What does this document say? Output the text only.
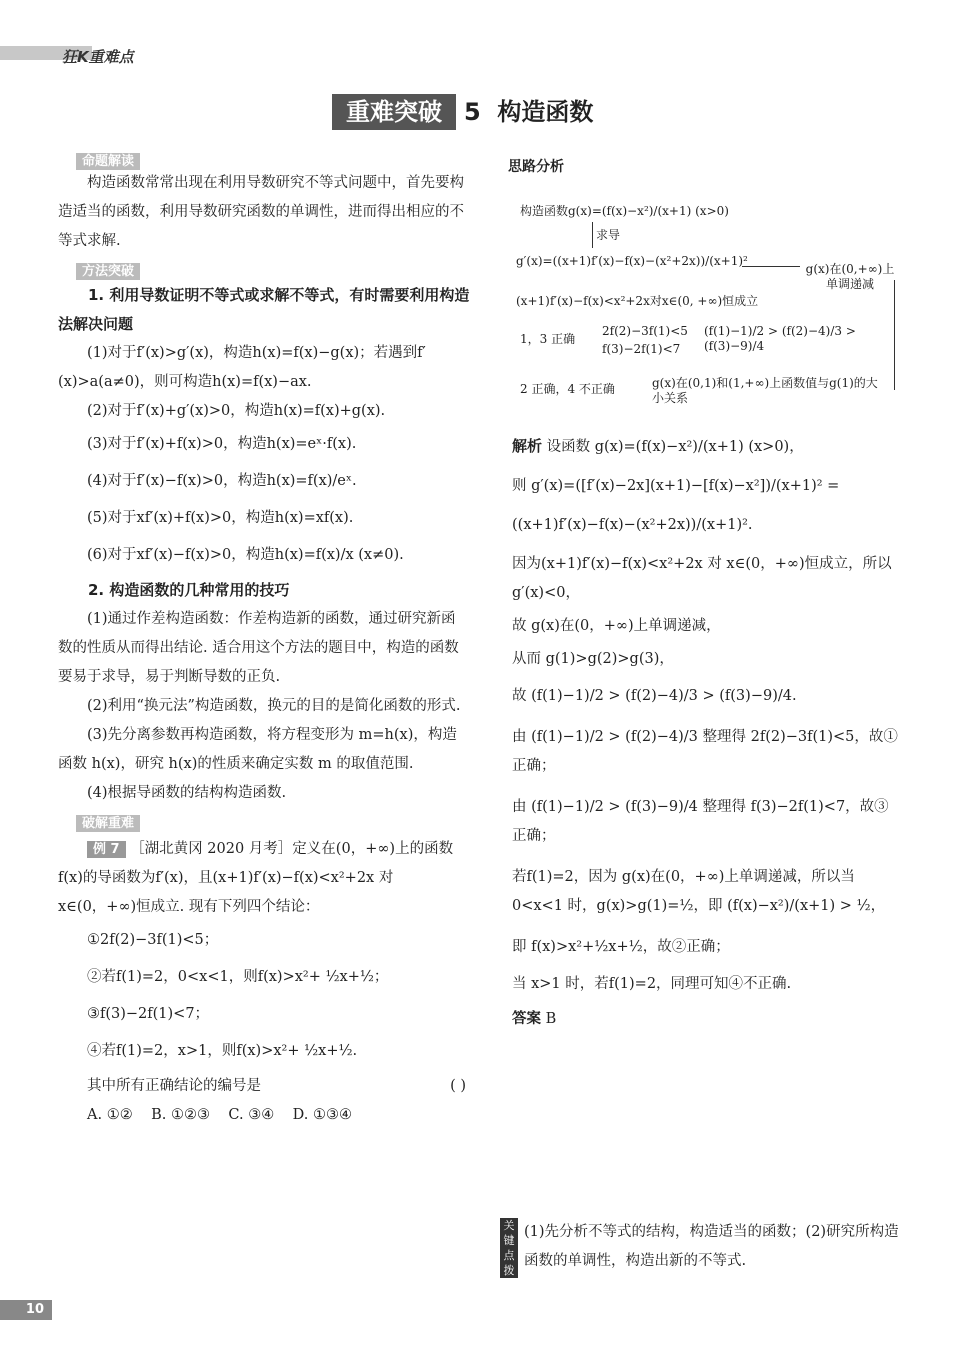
狂K重难点
重难突破 5 构造函数
命题解读
构造函数常常出现在利用导数研究不等式问题中，首先要构造适当的函数，利用导数研究函数的单调性，进而得出相应的不等式求解.
方法突破
1. 利用导数证明不等式或求解不等式，有时需要利用构造法解决问题
(1)对于f′(x)>g′(x)，构造h(x)=f(x)−g(x)；若遇到f′(x)>a(a≠0)，则可构造h(x)=f(x)−ax.
(2)对于f′(x)+g′(x)>0，构造h(x)=f(x)+g(x).
(3)对于f′(x)+f(x)>0，构造h(x)=eˣ·f(x).
(4)对于f′(x)−f(x)>0，构造h(x)=f(x)/eˣ.
(5)对于xf′(x)+f(x)>0，构造h(x)=xf(x).
(6)对于xf′(x)−f(x)>0，构造h(x)=f(x)/x (x≠0).
2. 构造函数的几种常用的技巧
(1)通过作差构造函数：作差构造新的函数，通过研究新函数的性质从而得出结论. 适合用这个方法的题目中，构造的函数要易于求导，易于判断导数的正负.
(2)利用“换元法”构造函数，换元的目的是简化函数的形式.
(3)先分离参数再构造函数，将方程变形为 m=h(x)，构造函数 h(x)，研究 h(x)的性质来确定实数 m 的取值范围.
(4)根据导函数的结构构造函数.
破解重难
例 7 ［湖北黄冈 2020 月考］定义在(0，+∞)上的函数f(x)的导函数为f′(x)，且(x+1)f′(x)−f(x)<x²+2x 对 x∈(0，+∞)恒成立. 现有下列四个结论：
①2f(2)−3f(1)<5；
②若f(1)=2，0<x<1，则f(x)>x²+ ½x+½；
③f(3)−2f(1)<7；
④若f(1)=2，x>1，则f(x)>x²+ ½x+½.
其中所有正确结论的编号是	( )
A. ①②    B. ①②③    C. ③④    D. ①③④
思路分析
构造函数g(x)=(f(x)−x²)/(x+1) (x>0)
求导
g′(x)=((x+1)f′(x)−f(x)−(x²+2x))/(x+1)²
(x+1)f′(x)−f(x)<x²+2x对x∈(0, +∞)恒成立
g(x)在(0,+∞)上单调递减
(f(1)−1)/2 > (f(2)−4)/3 > (f(3)−9)/4
2f(2)−3f(1)<5
f(3)−2f(1)<7
1，3 正确
g(x)在(0,1)和(1,+∞)上函数值与g(1)的大小关系
2 正确，4 不正确
解析 设函数 g(x)=(f(x)−x²)/(x+1) (x>0)，
则 g′(x)=([f′(x)−2x](x+1)−[f(x)−x²])/(x+1)² =
((x+1)f′(x)−f(x)−(x²+2x))/(x+1)².
因为(x+1)f′(x)−f(x)<x²+2x 对 x∈(0，+∞)恒成立，所以 g′(x)<0，
故 g(x)在(0，+∞)上单调递减，
从而 g(1)>g(2)>g(3)，
故 (f(1)−1)/2 > (f(2)−4)/3 > (f(3)−9)/4.
由 (f(1)−1)/2 > (f(2)−4)/3 整理得 2f(2)−3f(1)<5，故①正确；
由 (f(1)−1)/2 > (f(3)−9)/4 整理得 f(3)−2f(1)<7，故③正确；
若f(1)=2，因为 g(x)在(0，+∞)上单调递减，所以当 0<x<1 时，g(x)>g(1)=½，即 (f(x)−x²)/(x+1) > ½，
即 f(x)>x²+½x+½，故②正确；
当 x>1 时，若f(1)=2，同理可知④不正确.
答案 B
关键点拨
(1)先分析不等式的结构，构造适当的函数；(2)研究所构造函数的单调性，构造出新的不等式.
10
